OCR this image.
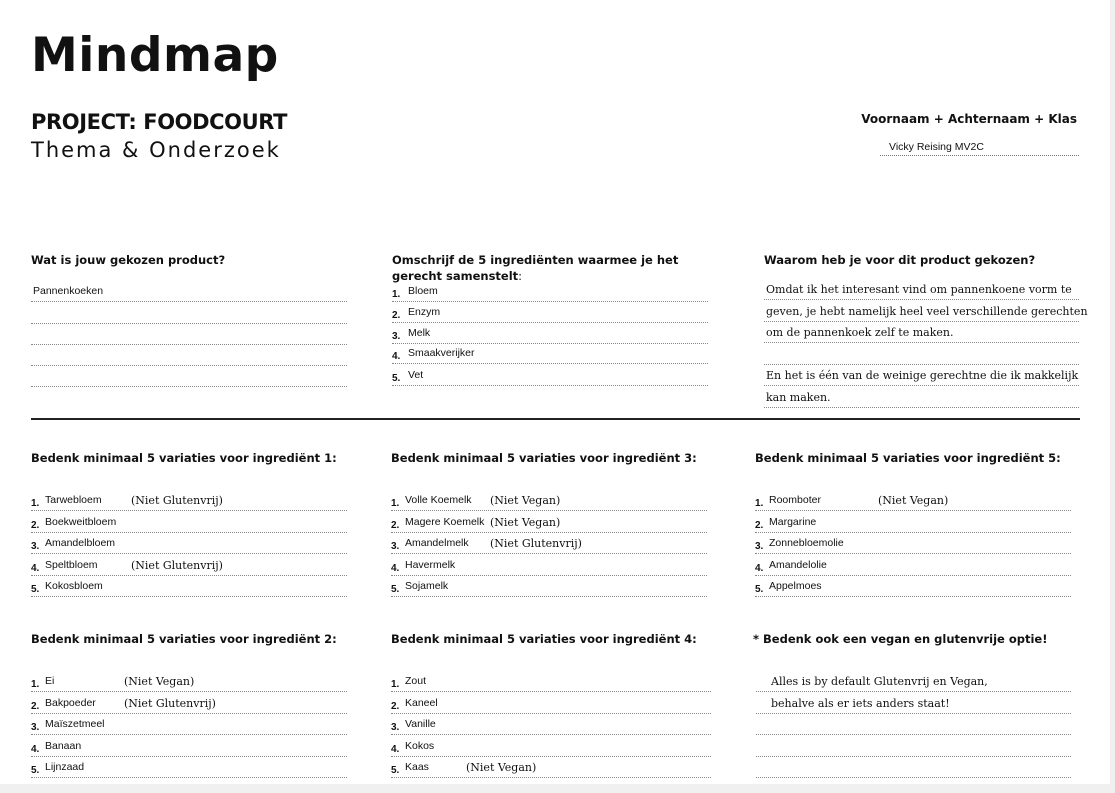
Mindmap
PROJECT: FOODCOURT
Thema & Onderzoek
Voornaam + Achternaam + Klas
Vicky Reising MV2C
Wat is jouw gekozen product?
Pannenkoeken
Omschrijf de 5 ingrediënten waarmee je het gerecht samenstelt:
1. Bloem
2. Enzym
3. Melk
4. Smaakverijker
5. Vet
Waarom heb je voor dit product gekozen?
Omdat ik het interesant vind om pannenkoene vorm te
geven, je hebt namelijk heel veel verschillende gerechten
om de pannenkoek zelf te maken.
En het is één van de weinige gerechtne die ik makkelijk
kan maken.
Bedenk minimaal 5 variaties voor ingrediënt 1:
1. Tarwebloem	(Niet Glutenvrij)
2. Boekweitbloem
3. Amandelbloem
4. Speltbloem	(Niet Glutenvrij)
5. Kokosbloem
Bedenk minimaal 5 variaties voor ingrediënt 3:
1. Volle Koemelk (Niet Vegan)
2. Magere Koemelk (Niet Vegan)
3. Amandelmelk (Niet Glutenvrij)
4. Havermelk
5. Sojamelk
Bedenk minimaal 5 variaties voor ingrediënt 5:
1. Roomboter	(Niet Vegan)
2. Margarine
3. Zonnebloemolie
4. Amandelolie
5. Appelmoes
Bedenk minimaal 5 variaties voor ingrediënt 2:
1. Ei	(Niet Vegan)
2. Bakpoeder	(Niet Glutenvrij)
3. Maïszetmeel
4. Banaan
5. Lijnzaad
Bedenk minimaal 5 variaties voor ingrediënt 4:
1. Zout
2. Kaneel
3. Vanille
4. Kokos
5. Kaas	(Niet Vegan)
* Bedenk ook een vegan en glutenvrije optie!
Alles is by default Glutenvrij en Vegan,
behalve als er iets anders staat!
